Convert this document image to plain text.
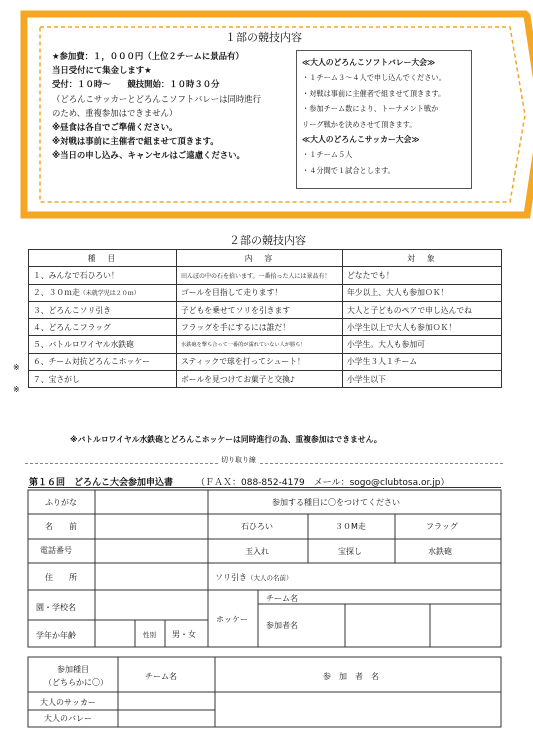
１部の競技内容
★参加費：１，０００円（上位２チームに景品有）
当日受付にて集金します★
受付：１０時～　　競技開始：１０時３０分
（どろんこサッカーとどろんこソフトバレーは同時進行
のため、重複参加はできません）
※昼食は各自でご準備ください。
※対戦は事前に主催者で組ませて頂きます。
※当日の申し込み、キャンセルはご遠慮ください。
≪大人のどろんこソフトバレー大会≫
・１チーム３～４人で申し込んでください。
・対戦は事前に主催者で組ませて頂きます。
・参加チーム数により、トーナメント戦か
リーグ戦かを決めさせて頂きます。
≪大人のどろんこサッカー大会≫
・１チーム５人
・４分間で１試合とします。
２部の競技内容
種　目	内　容	対　象
１、みんなで石ひろい！	田んぼの中の石を拾います。一番拾った人には景品有！	どなたでも！
２、３０ｍ走（未就学児は２０ｍ）	ゴールを目指して走ります！	年少以上、大人も参加ＯＫ！
３、どろんこソリ引き	子どもを乗せてソリを引きます	大人と子どものペアで申し込んでね
４、どろんこフラッグ	フラッグを手にするには誰だ！	小学生以上で大人も参加ＯＫ！
５、バトルロワイヤル水鉄砲	水鉄砲を撃ち合って一番的が濡れていない人が勝ち！	小学生。大人も参加可
６、チーム対抗どろんこホッケー	スティックで球を打ってシュート！	小学生３人１チーム
７、宝さがし	ボールを見つけてお菓子と交換♪	小学生以下
※
※
※バトルロワイヤル水鉄砲とどろんこホッケーは同時進行の為、重複参加はできません。
切り取り線
第１６回　どろんこ大会参加申込書	（ＦＡＸ：088-852-4179　メール：sogo@clubtosa.or.jp）
ふりがな
名　　前
電話番号
住　　所
園・学校名
学年か年齢	性別 男・女
参加する種目に〇をつけてください
石ひろい	３０M走	フラッグ
玉入れ	宝探し	水鉄砲
ソリ引き（大人の名前）
ホッケー
チーム名
参加者名
参加種目
（どちらかに〇）
チーム名	参　加　者　名
大人のサッカー
大人のバレー
